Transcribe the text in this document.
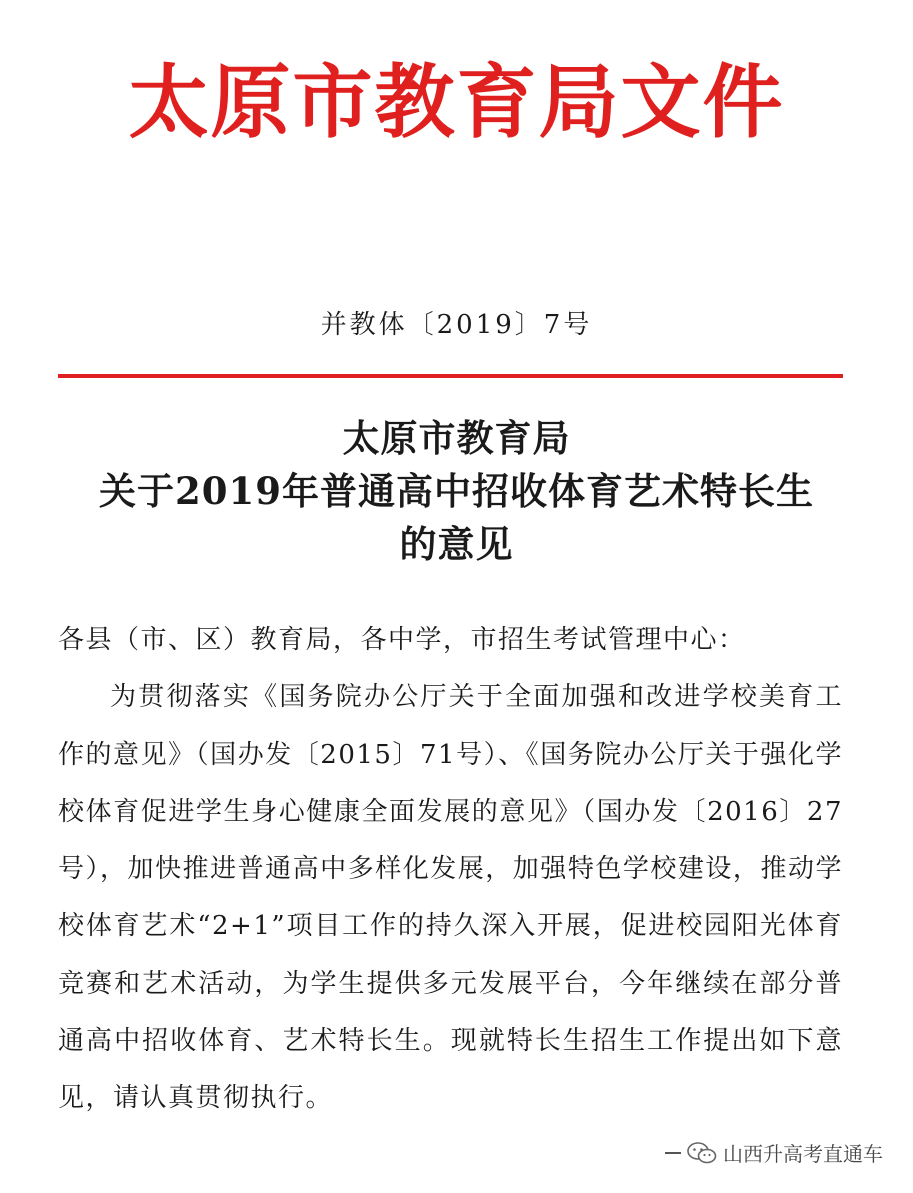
太原市教育局文件
并教体〔2019〕7号
太原市教育局
关于2019年普通高中招收体育艺术特长生
的意见

各县（市、区）教育局，各中学，市招生考试管理中心：

为贯彻落实《国务院办公厅关于全面加强和改进学校美育工作的意见》（国办发〔2015〕71号）、《国务院办公厅关于强化学校体育促进学生身心健康全面发展的意见》（国办发〔2016〕27号），加快推进普通高中多样化发展，加强特色学校建设，推动学校体育艺术“2+1”项目工作的持久深入开展，促进校园阳光体育竞赛和艺术活动，为学生提供多元发展平台，今年继续在部分普通高中招收体育、艺术特长生。现就特长生招生工作提出如下意见，请认真贯彻执行。

山西升高考直通车
